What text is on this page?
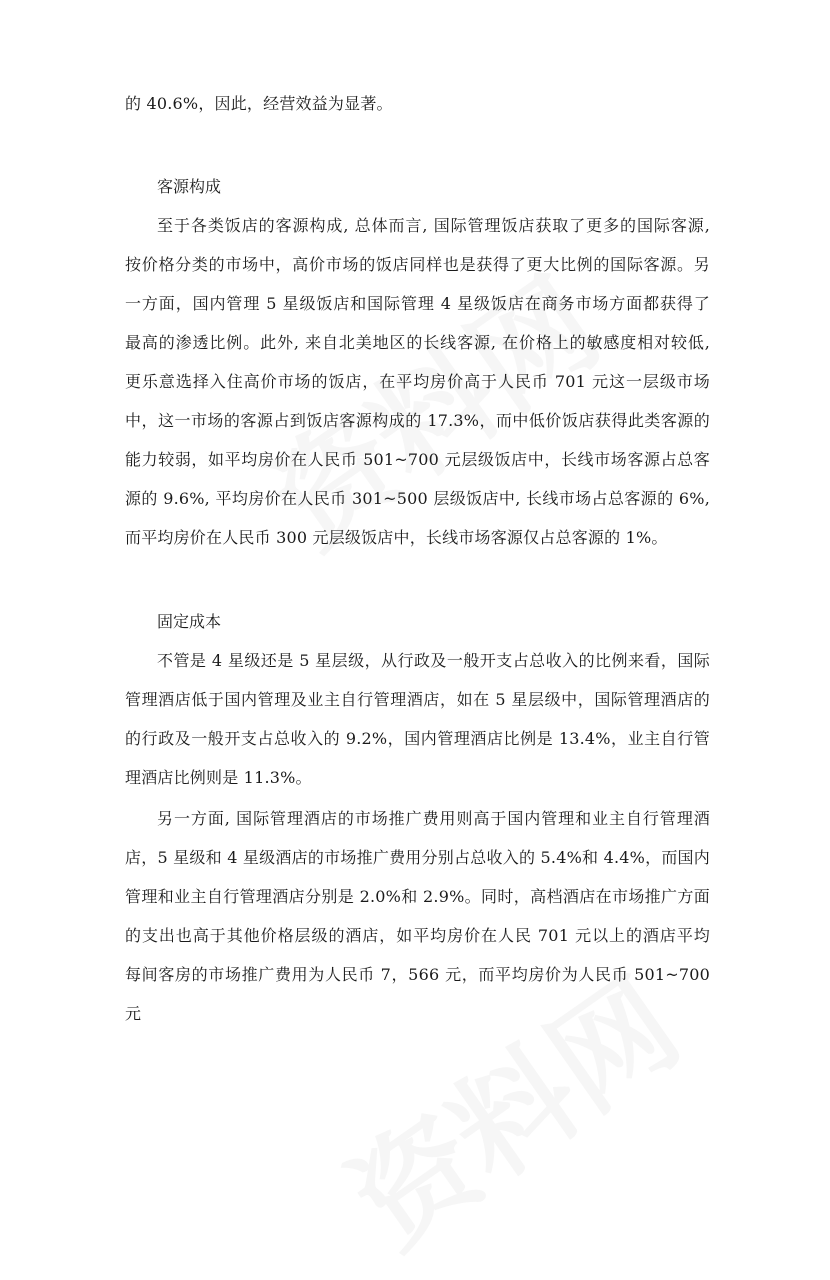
的 40.6%，因此，经营效益为显著。

客源构成

至于各类饭店的客源构成, 总体而言, 国际管理饭店获取了更多的国际客源,

按价格分类的市场中，高价市场的饭店同样也是获得了更大比例的国际客源。另

一方面，国内管理 5 星级饭店和国际管理 4 星级饭店在商务市场方面都获得了

最高的渗透比例。此外, 来自北美地区的长线客源, 在价格上的敏感度相对较低,

更乐意选择入住高价市场的饭店，在平均房价高于人民币 701 元这一层级市场

中，这一市场的客源占到饭店客源构成的 17.3%，而中低价饭店获得此类客源的

能力较弱，如平均房价在人民币 501~700 元层级饭店中，长线市场客源占总客

源的 9.6%, 平均房价在人民币 301~500 层级饭店中, 长线市场占总客源的 6%,

而平均房价在人民币 300 元层级饭店中，长线市场客源仅占总客源的 1%。

固定成本

不管是 4 星级还是 5 星层级，从行政及一般开支占总收入的比例来看，国际

管理酒店低于国内管理及业主自行管理酒店，如在 5 星层级中，国际管理酒店的

的行政及一般开支占总收入的 9.2%，国内管理酒店比例是 13.4%，业主自行管

理酒店比例则是 11.3%。

另一方面, 国际管理酒店的市场推广费用则高于国内管理和业主自行管理酒

店，5 星级和 4 星级酒店的市场推广费用分别占总收入的 5.4%和 4.4%，而国内

管理和业主自行管理酒店分别是 2.0%和 2.9%。同时，高档酒店在市场推广方面

的支出也高于其他价格层级的酒店，如平均房价在人民 701 元以上的酒店平均

每间客房的市场推广费用为人民币 7，566 元，而平均房价为人民币 501~700 元
